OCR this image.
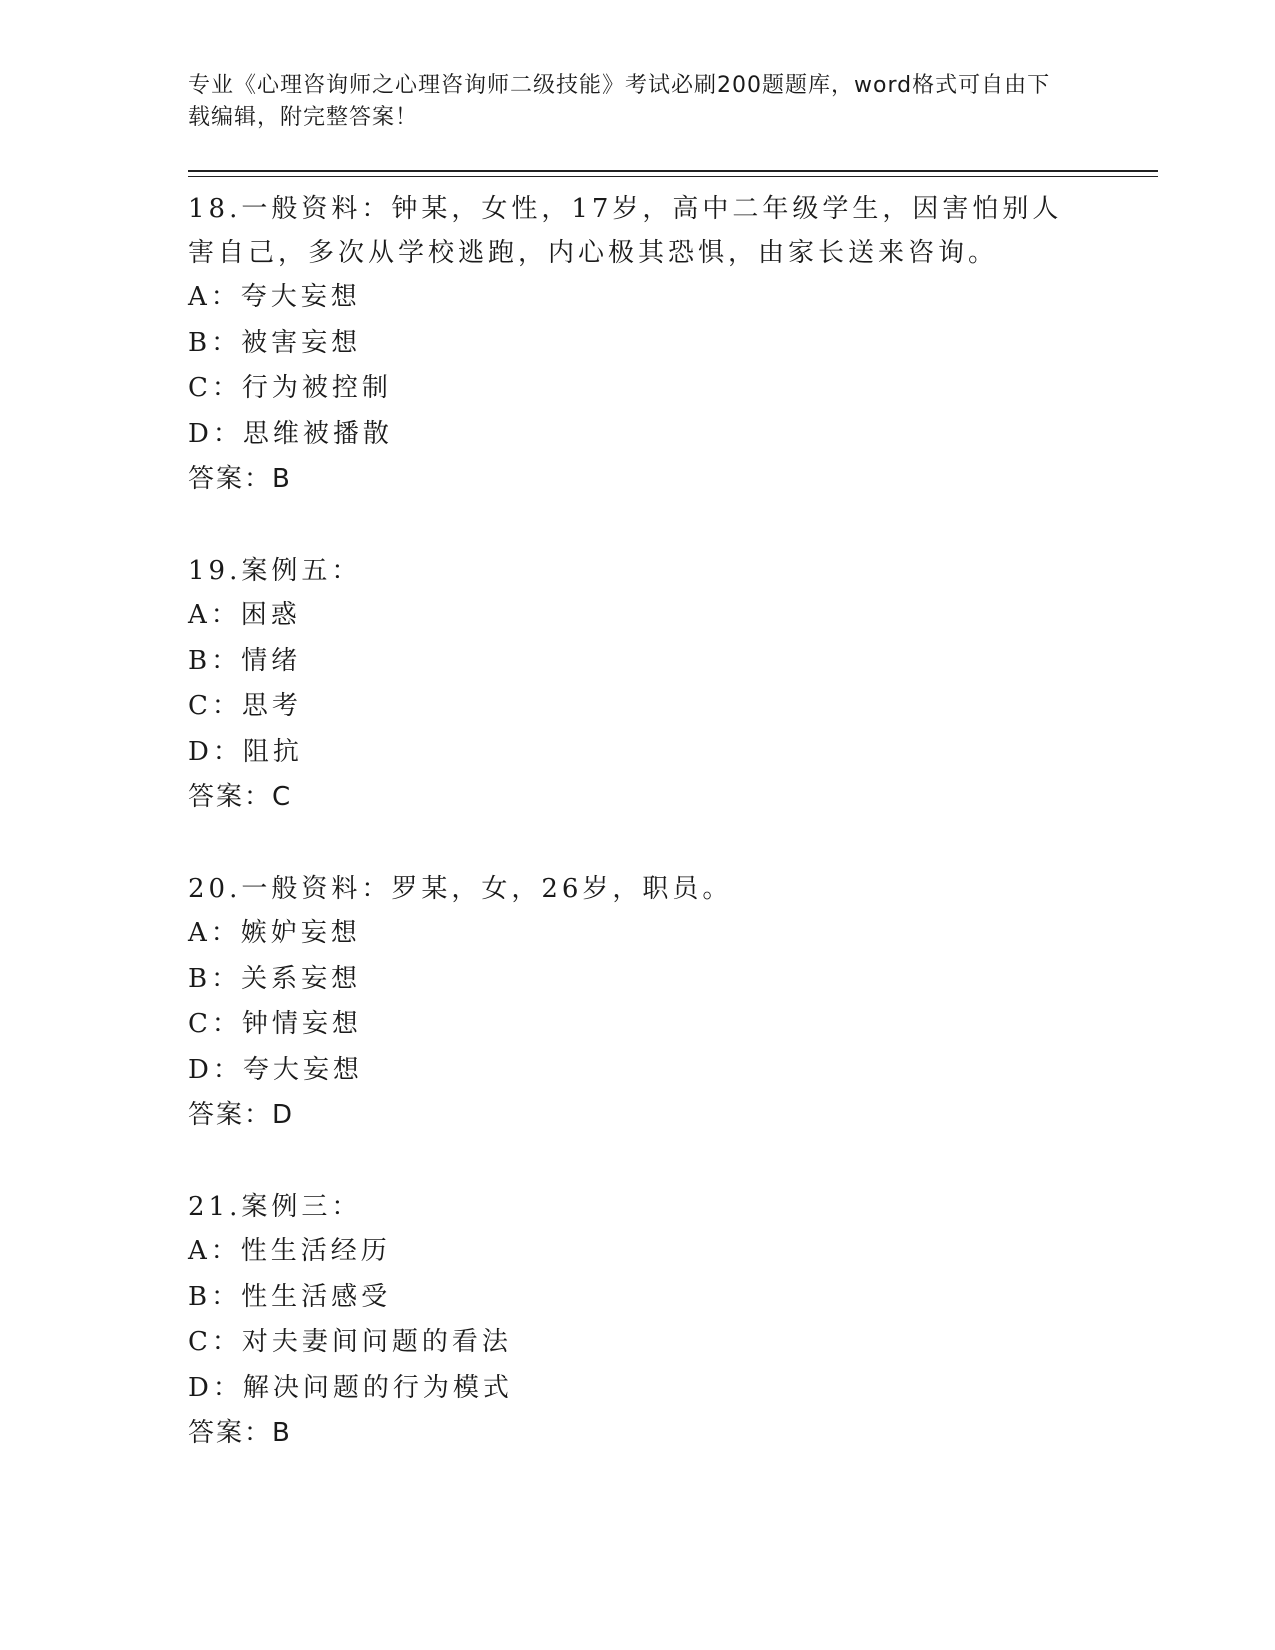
专业《心理咨询师之心理咨询师二级技能》考试必刷200题题库，word格式可自由下载编辑，附完整答案！

18.一般资料：钟某，女性，17岁，高中二年级学生，因害怕别人害自己，多次从学校逃跑，内心极其恐惧，由家长送来咨询。

A：夸大妄想

B：被害妄想

C：行为被控制

D：思维被播散

答案：B

19.案例五：

A：困惑

B：情绪

C：思考

D：阻抗

答案：C

20.一般资料：罗某，女，26岁，职员。

A：嫉妒妄想

B：关系妄想

C：钟情妄想

D：夸大妄想

答案：D

21.案例三：

A：性生活经历

B：性生活感受

C：对夫妻间问题的看法

D：解决问题的行为模式

答案：B
